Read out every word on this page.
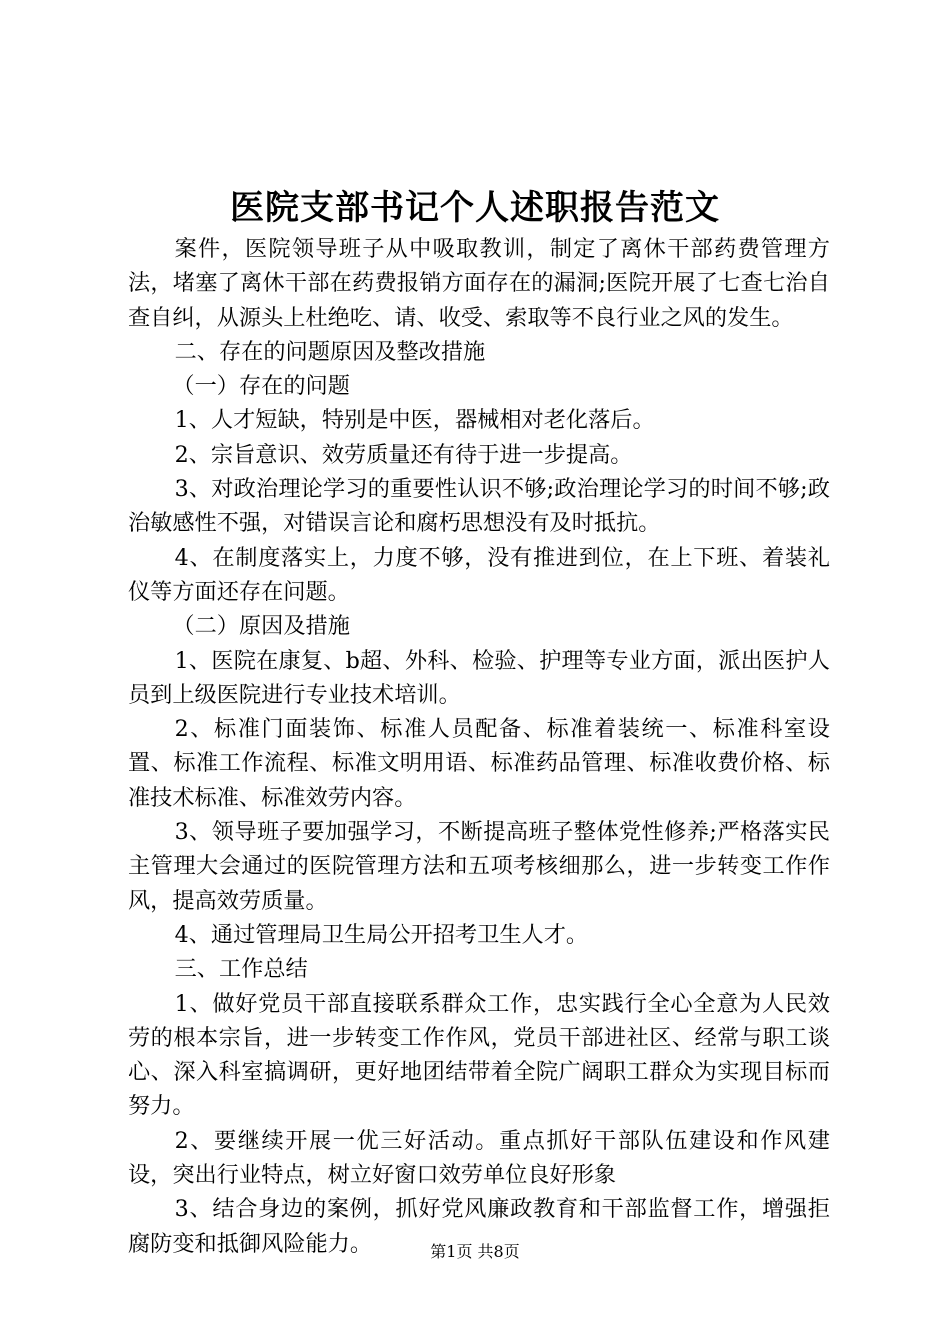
医院支部书记个人述职报告范文

案件，医院领导班子从中吸取教训，制定了离休干部药费管理方法，堵塞了离休干部在药费报销方面存在的漏洞;医院开展了七查七治自查自纠，从源头上杜绝吃、请、收受、索取等不良行业之风的发生。

二、存在的问题原因及整改措施

（一）存在的问题

1、人才短缺，特别是中医，器械相对老化落后。

2、宗旨意识、效劳质量还有待于进一步提高。

3、对政治理论学习的重要性认识不够;政治理论学习的时间不够;政治敏感性不强，对错误言论和腐朽思想没有及时抵抗。

4、在制度落实上，力度不够，没有推进到位，在上下班、着装礼仪等方面还存在问题。

（二）原因及措施

1、医院在康复、b超、外科、检验、护理等专业方面，派出医护人员到上级医院进行专业技术培训。

2、标准门面装饰、标准人员配备、标准着装统一、标准科室设置、标准工作流程、标准文明用语、标准药品管理、标准收费价格、标准技术标准、标准效劳内容。

3、领导班子要加强学习，不断提高班子整体党性修养;严格落实民主管理大会通过的医院管理方法和五项考核细那么，进一步转变工作作风，提高效劳质量。

4、通过管理局卫生局公开招考卫生人才。

三、工作总结

1、做好党员干部直接联系群众工作，忠实践行全心全意为人民效劳的根本宗旨，进一步转变工作作风，党员干部进社区、经常与职工谈心、深入科室搞调研，更好地团结带着全院广阔职工群众为实现目标而努力。

2、要继续开展一优三好活动。重点抓好干部队伍建设和作风建设，突出行业特点，树立好窗口效劳单位良好形象

3、结合身边的案例，抓好党风廉政教育和干部监督工作，增强拒腐防变和抵御风险能力。	第1页 共8页
